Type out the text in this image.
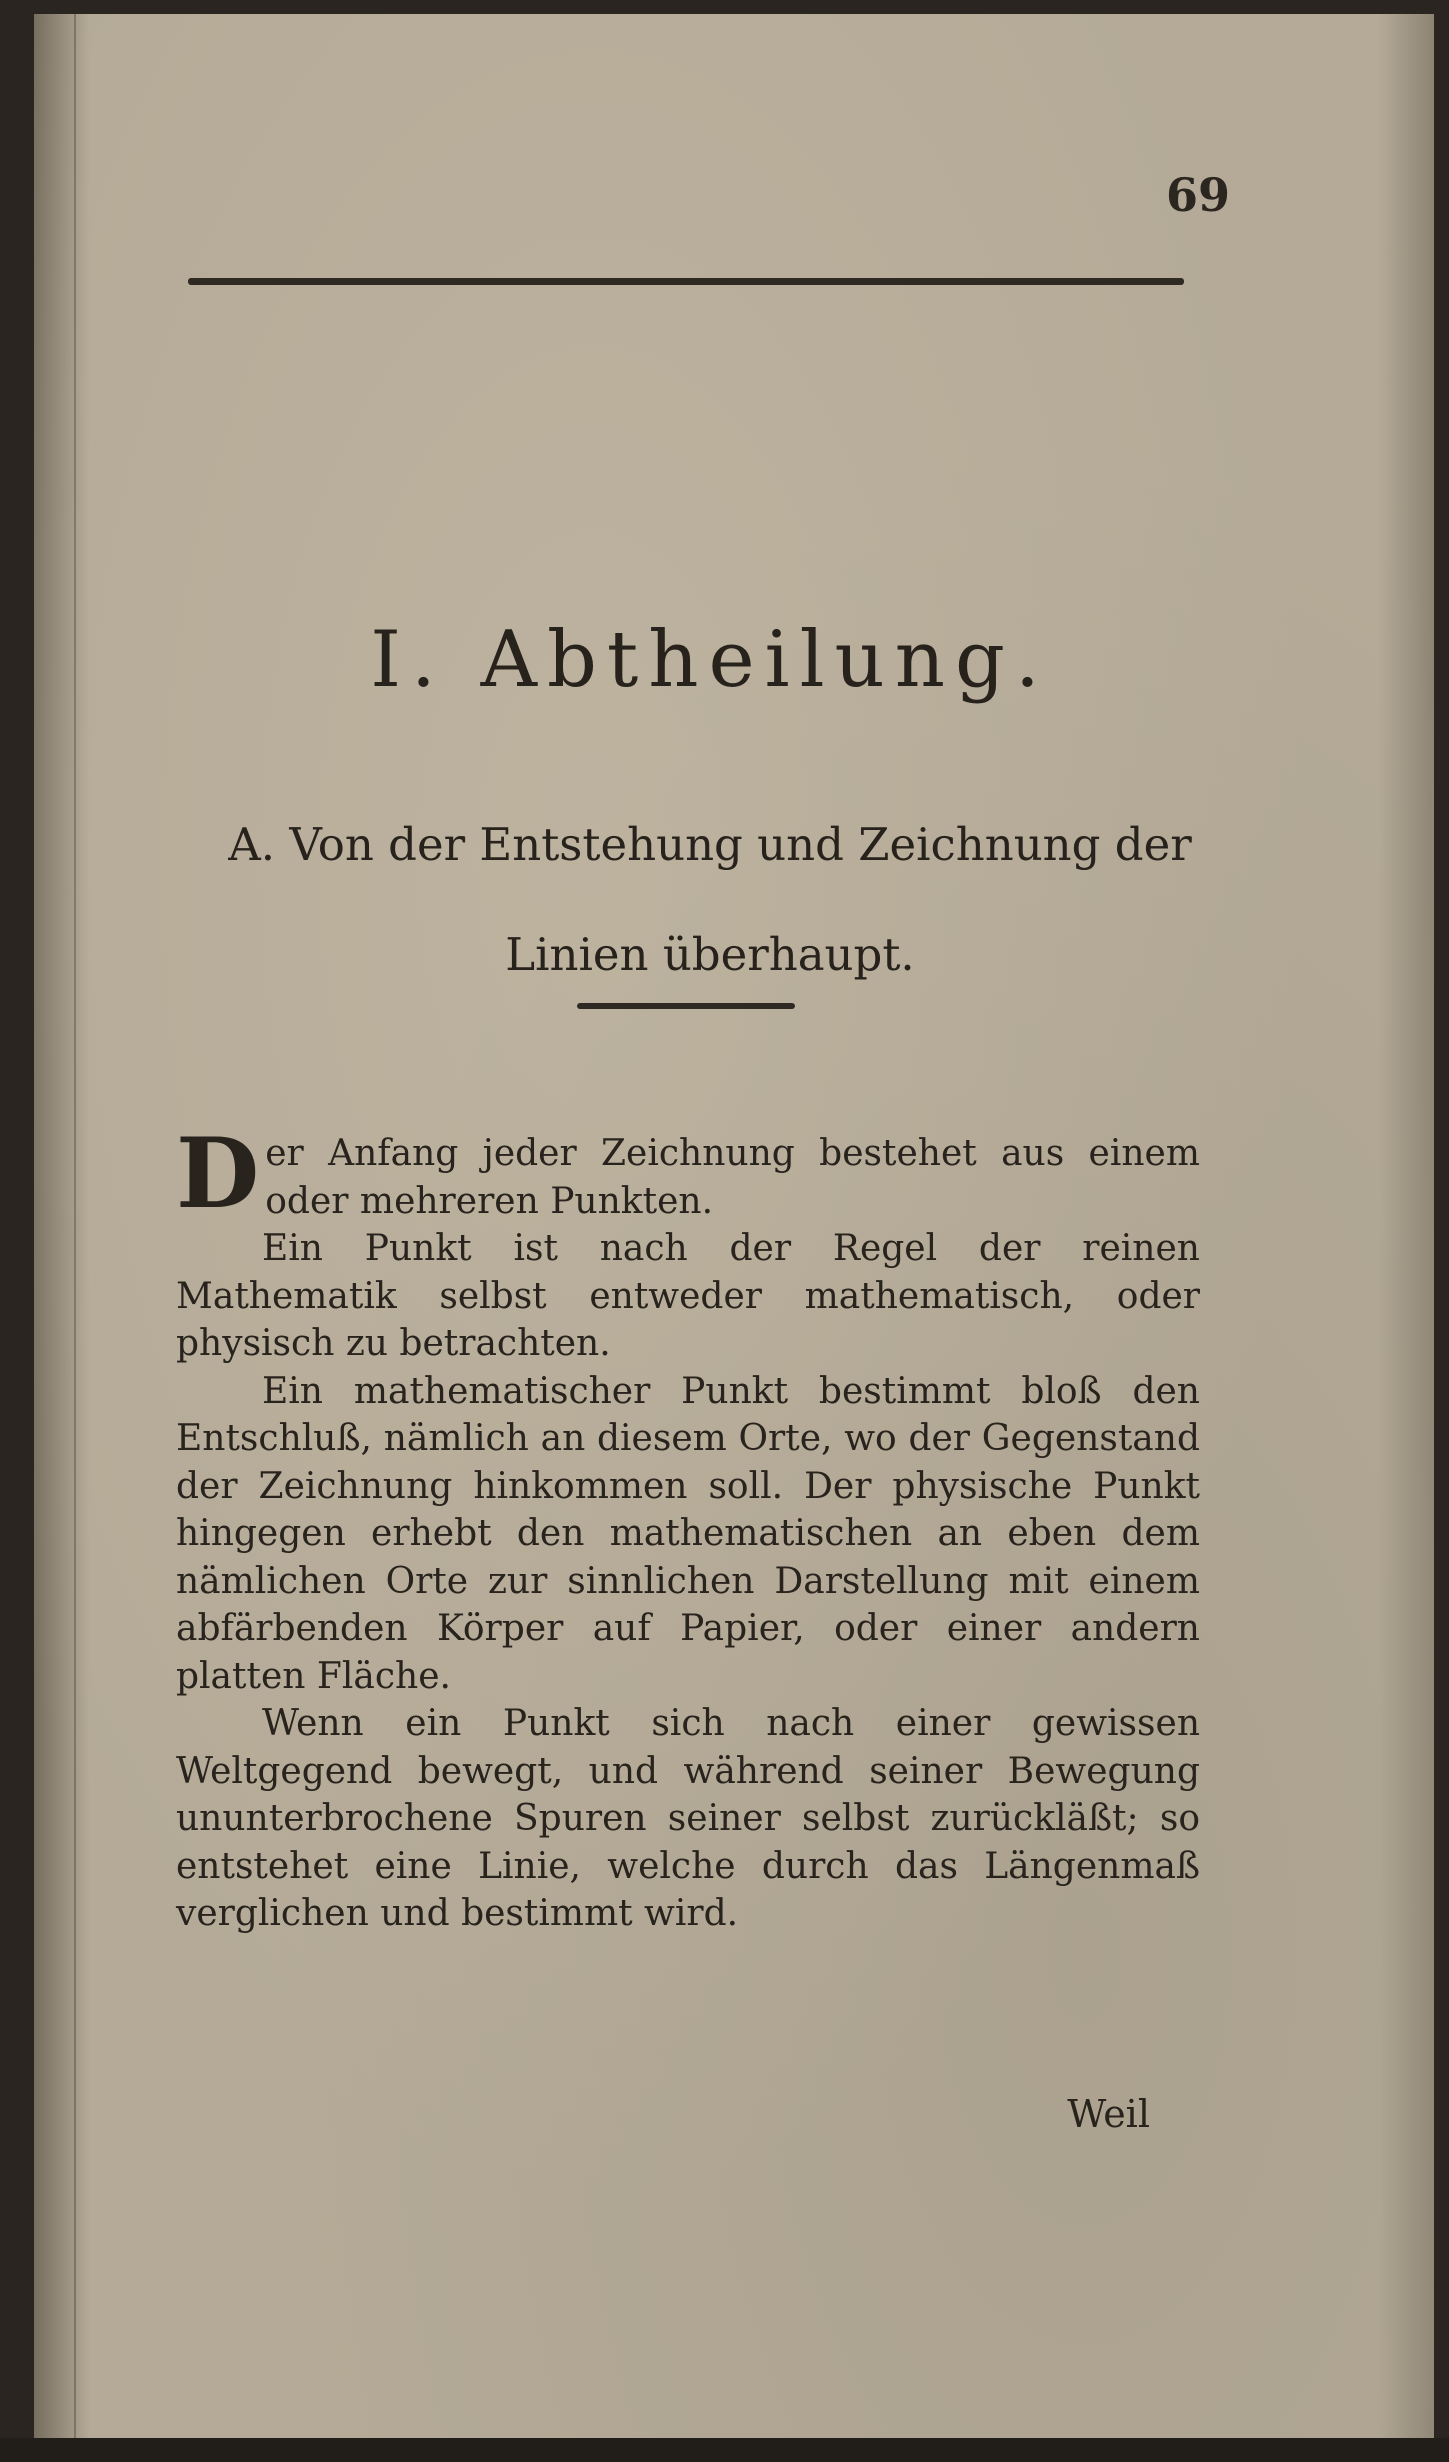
69
I. Abtheilung.
A. Von der Entstehung und Zeichnung der Linien überhaupt.

Der Anfang jeder Zeichnung bestehet aus einem oder mehreren Punkten.

Ein Punkt ist nach der Regel der reinen Mathematik selbst entweder mathematisch, oder physisch zu betrachten.

Ein mathematischer Punkt bestimmt bloß den Entschluß, nämlich an diesem Orte, wo der Gegenstand der Zeichnung hinkommen soll. Der physische Punkt hingegen erhebt den mathematischen an eben dem nämlichen Orte zur sinnlichen Darstellung mit einem abfärbenden Körper auf Papier, oder einer andern platten Fläche.

Wenn ein Punkt sich nach einer gewissen Weltgegend bewegt, und während seiner Bewegung ununterbrochene Spuren seiner selbst zurückläßt; so entstehet eine Linie, welche durch das Längenmaß verglichen und bestimmt wird.

Weil
